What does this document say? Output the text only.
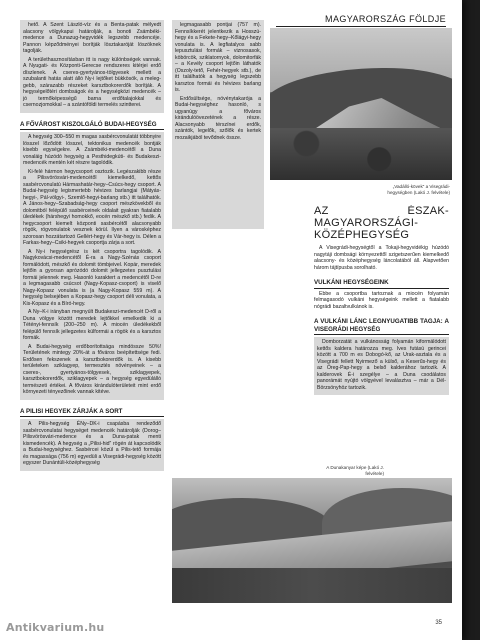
MAGYARORSZÁG FÖLDJE

hető. A Szent László-víz és a Benta-patak mélyedt alacsony völgykapui határolják, a bonoti Zsámbéki-medence a Dunazug-hegyvidék legszebb medencéje. Pannon képződményei borítják lösztakaróját löszöknek tagolják.

A területhasznosításban itt is nagy különbségek vannak. A Nyugati- és Központi-Gerecse rendszeres kitérjei erdő díszlenek. A cseres-gyertyános-tölgyesek mellett a szubalanti hatás alatt álló Ny-i lejtőket bükkösök, a meleg-gebb, szárazabb részeket karsztbokorerdők borítják. A hegységelőtéri dombságok és a hegységközi medencék – jó termőképességű barna erdőtalajokkal és csernozjomokkal – a szántóföldi termelés szintterei.

A FŐVÁROST KISZOLGÁLÓ BUDAI-HEGYSÉG

A hegység 300–550 m magas sasbércvonulatát többnyire lösszel lőződött lösszel, tektonikus medencék bontják kisebb egységekre. A Zsámbéki-medencétől a Duna vonaláig húzódó hegység a Pesthidegkúti- és Budakeszi-medencék mentén két részre tagolódik.

Ki-felé hármon hegycsoport osztozik. Legészakibb része a Pilisvörösvári-medencétől kiemelkedő, kettős sasbércvonulatú Hármashatár-hegy–Csúcs-hegy csoport. A Budai-hegység legismertebb hévizes barlangjai (Mátyás-hegyi-, Pál-völgyi-, Szemlő-hegyi-barlang stb.) itt találhatók. A János-hegy–Szabadság-hegy csoport mészkövekből és dolomitból felépülő sasbérceinek oldalait gyakran fiatalabb üledékek (hárshegyi homokkő, eocén mészkő stb.) fedik. A hegycsoport kiemelt központi sasbércétől alacsonyabb rögök, rögvonulatok vesznek körül. Ilyen a városképhez szorosan hozzátartozó Gellért-hegy és Vár-hegy is. Délen a Farkas-hegy–Csiki-hegyek csoportja zárja a sort.

A Ny-i hegységrész is két csoportra tagolódik. A Nagykovácsi-medencétől É-ra a Nagy-Szénás csoport formálódott, mészkő és dolomit tömbjeivel. Kopár, meredek lejtőin a gyorsan aprózódó dolomit jellegzetes pusztulási formái jelennek meg. Hasonló karaktert a medencétől D-re a legmagasabb csúcsot (Nagy-Kopasz-csoport) is viselő Nagy-Kopasz vonulata is (a Nagy-Kopasz 559 m). A hegység belsejében a Kopasz-hegy csoport déli vonulata, a Kis-Kopasz és a Bíró-hegy.

A Ny–K-i irányban megnyúlt Budakeszi-medencét D-ről a Duna völgye között meredek lejtőkkel emelkedik ki a Tétényi-fennsík (200–250 m). A miocén üledékekből felépülő fennsík jellegzetes külformái a rögök és a karsztos formák.

A Budai-hegység erdőborítottsága mindössze 50%! Területének mintegy 20%-át a főváros beépítettsége fedi. Erdősen fekszenek a karsztbokorerdők is. A kisebb területeken sziklagyep, termesztés növényeinek – a cseres-, gyertyános-tölgyesek, sziklagyepek, karsztbokorerdők, sziklagyepek – a hegység egyedülálló természeti értékei. A főváros kirándulóterületeit mint erdő környezeti tényezőinek vannak kitéve.

A PILISI HEGYEK ZÁRJÁK A SORT

A Pilis-hegység ÉNy–DK-i csapásba rendeződő sasbércvonulatai hegységet medencék határolják (Dorog–Pilisvörösvári-medence és a Duna-patak menti kismedencék). A hegység a „Pilisi-hid” rögén át kapcsolódik a Budai-hegységhez. Sasbércei közül a Pilis-tető formája és magassága (756 m) egyedüli a Visegrádi-hegység között egyszer Dunántúli-középhegység

legmagasabb pontjai (757 m). Fennsíkkerét jelentkezik a Hosszú-hegy és a Fekete-hegy–Kőlágyi-hegy vonulata is. A legfiatalyos sabb lepusztulási formák – viznosasok, köbörcök, sziklatornyok, dolomitorfák – a Kevély csoport lejtőin láthatók (Oszoly-tető, Fehér-hegyek stb.), de itt találhatók a hegység legszebb karsztos formái és hévizes barlang is.

Erdősültsége, növénytakarója a Budai-hegységhez hasonló, s ugyanúgy a főváros kirándulóövezetének a része. Alacsonyabb térszínei erdők, szántók, legelők, szőlők és kertek mozaikjából tevődnek össze.

„Vadálló-kövek” a Visegrádi-hegységben (Lakó J. felvétele)
AZ ÉSZAK-MAGYARORSZÁGI-KÖZÉPHEGYSÉG

A Visegrádi-hegységtől a Tokaji-hegyvidékig húzódó nagytáji dombsági környezettől szigetszerűen kiemelkedő alacsony- és középhegység láncolatából áll. Alapvetően három tájtípusba sorolható.

VULKÁNI HEGYSÉGEINK

Ebbe a csoportba tartoznak a miocén folyamán felmagasodó vulkáni hegységeink mellett a fiatalabb nógrádi bazaltvulkánok is.

A VULKÁNI LÁNC LEGNYUGATIBB TAGJA: A VISEGRÁDI HEGYSÉG

Domborzatát a vulkánosság folyamán kiformálódott kettős kaldera határozza meg. Ives futású gerincei között a 700 m es Dobogó-kő, az Urak-asztala és a Visegrádi fellett Nyirmező a külső, a Keserűs-hegy és az Öreg-Pap-hegy a belső kalderához tartozik. A kalderovek É-i szegélye – a Duna csodálatos panorámát nyújtó völgyével levalásztva – már a Dél-Börzsönyhöz tartozik.

A Dunakanyar képe (Lakó J. felvétele)
35
Antikvarium.hu
